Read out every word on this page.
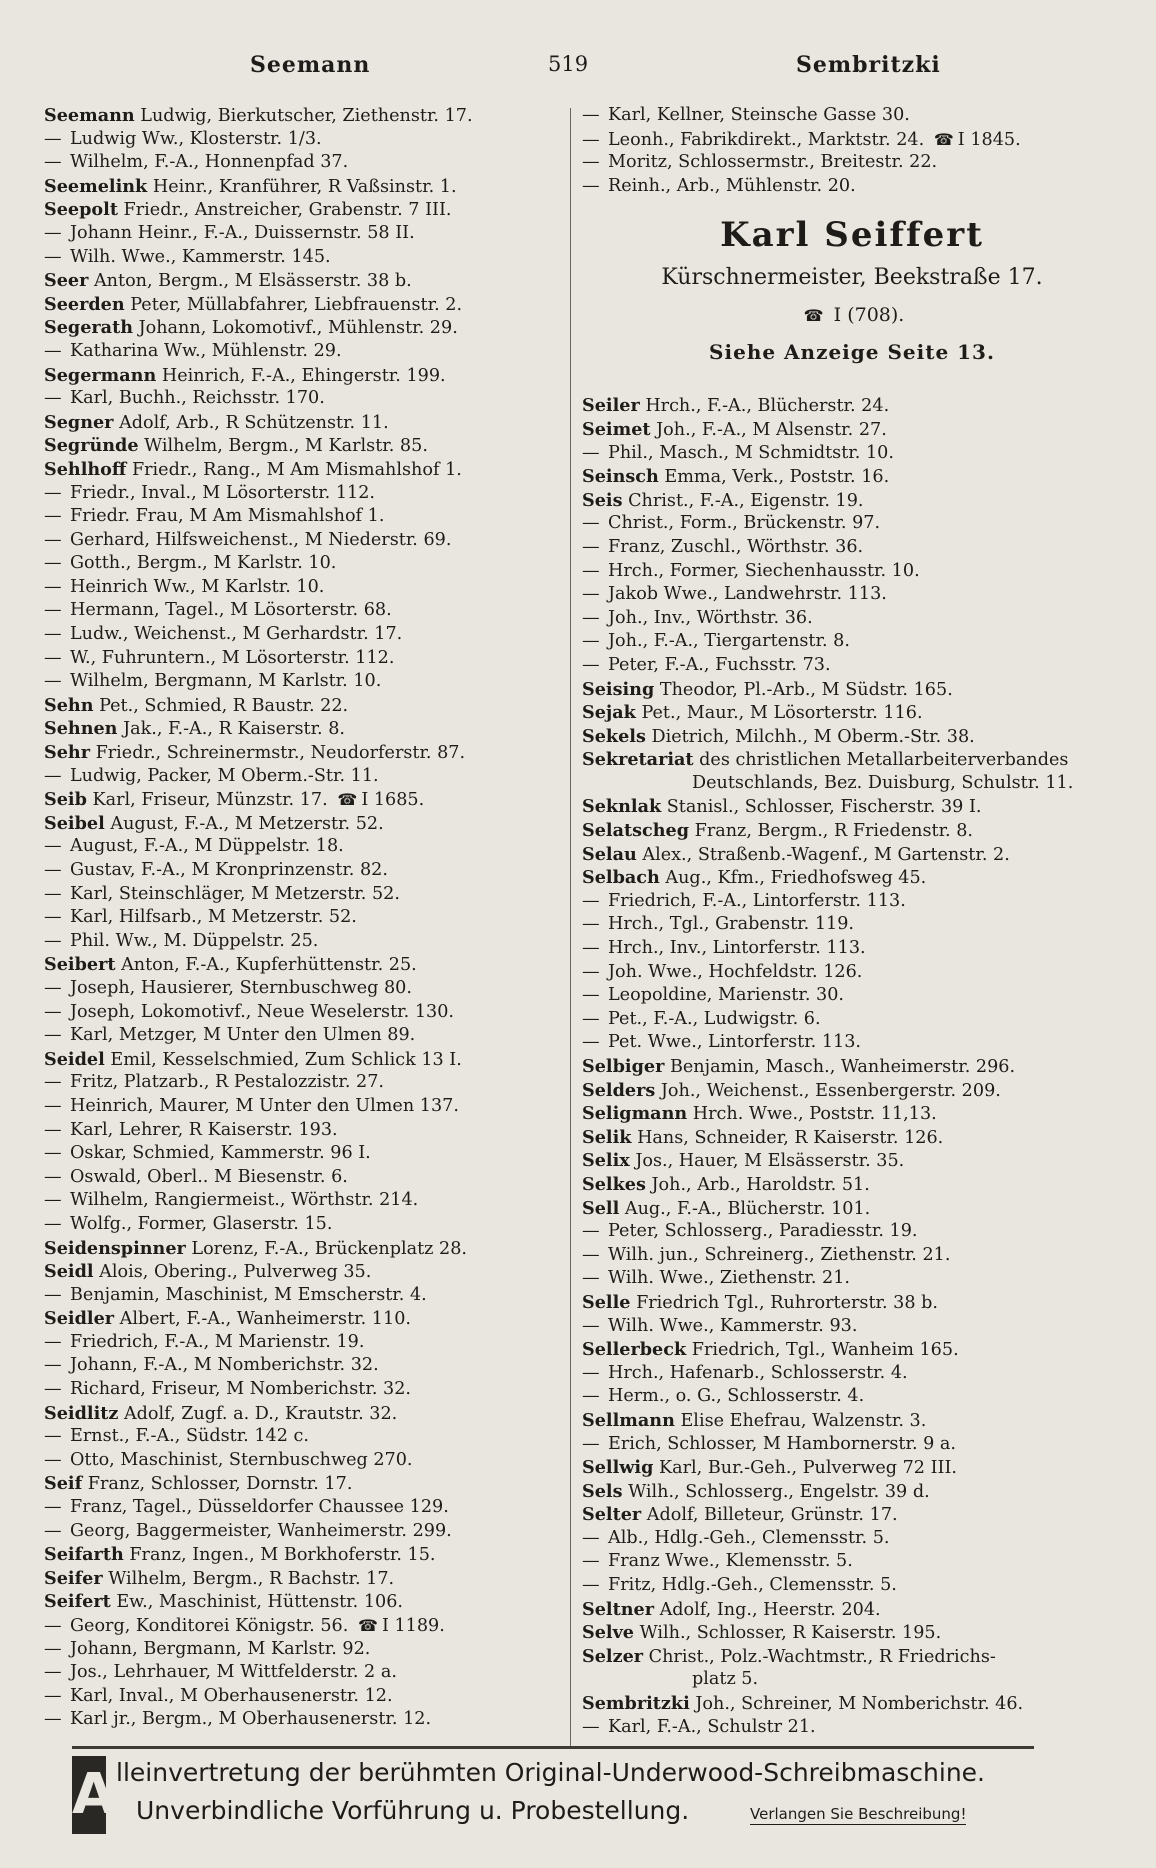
Seemann	519	Sembritzki
Seemann Ludwig, Bierkutscher, Ziethenstr. 17.
— Ludwig Ww., Klosterstr. 1/3.
— Wilhelm, F.-A., Honnenpfad 37.
Seemelink Heinr., Kranführer, R Vaßsinstr. 1.
Seepolt Friedr., Anstreicher, Grabenstr. 7 III.
— Johann Heinr., F.-A., Duissernstr. 58 II.
— Wilh. Wwe., Kammerstr. 145.
Seer Anton, Bergm., M Elsässerstr. 38 b.
Seerden Peter, Müllabfahrer, Liebfrauenstr. 2.
Segerath Johann, Lokomotivf., Mühlenstr. 29.
— Katharina Ww., Mühlenstr. 29.
Segermann Heinrich, F.-A., Ehingerstr. 199.
— Karl, Buchh., Reichsstr. 170.
Segner Adolf, Arb., R Schützenstr. 11.
Segründe Wilhelm, Bergm., M Karlstr. 85.
Sehlhoff Friedr., Rang., M Am Mismahlshof 1.
— Friedr., Inval., M Lösorterstr. 112.
— Friedr. Frau, M Am Mismahlshof 1.
— Gerhard, Hilfsweichenst., M Niederstr. 69.
— Gotth., Bergm., M Karlstr. 10.
— Heinrich Ww., M Karlstr. 10.
— Hermann, Tagel., M Lösorterstr. 68.
— Ludw., Weichenst., M Gerhardstr. 17.
— W., Fuhruntern., M Lösorterstr. 112.
— Wilhelm, Bergmann, M Karlstr. 10.
Sehn Pet., Schmied, R Baustr. 22.
Sehnen Jak., F.-A., R Kaiserstr. 8.
Sehr Friedr., Schreinermstr., Neudorferstr. 87.
— Ludwig, Packer, M Oberm.-Str. 11.
Seib Karl, Friseur, Münzstr. 17. ☎ I 1685.
Seibel August, F.-A., M Metzerstr. 52.
— August, F.-A., M Düppelstr. 18.
— Gustav, F.-A., M Kronprinzenstr. 82.
— Karl, Steinschläger, M Metzerstr. 52.
— Karl, Hilfsarb., M Metzerstr. 52.
— Phil. Ww., M. Düppelstr. 25.
Seibert Anton, F.-A., Kupferhüttenstr. 25.
— Joseph, Hausierer, Sternbuschweg 80.
— Joseph, Lokomotivf., Neue Weselerstr. 130.
— Karl, Metzger, M Unter den Ulmen 89.
Seidel Emil, Kesselschmied, Zum Schlick 13 I.
— Fritz, Platzarb., R Pestalozzistr. 27.
— Heinrich, Maurer, M Unter den Ulmen 137.
— Karl, Lehrer, R Kaiserstr. 193.
— Oskar, Schmied, Kammerstr. 96 I.
— Oswald, Oberl.. M Biesenstr. 6.
— Wilhelm, Rangiermeist., Wörthstr. 214.
— Wolfg., Former, Glaserstr. 15.
Seidenspinner Lorenz, F.-A., Brückenplatz 28.
Seidl Alois, Obering., Pulverweg 35.
— Benjamin, Maschinist, M Emscherstr. 4.
Seidler Albert, F.-A., Wanheimerstr. 110.
— Friedrich, F.-A., M Marienstr. 19.
— Johann, F.-A., M Nomberichstr. 32.
— Richard, Friseur, M Nomberichstr. 32.
Seidlitz Adolf, Zugf. a. D., Krautstr. 32.
— Ernst., F.-A., Südstr. 142 c.
— Otto, Maschinist, Sternbuschweg 270.
Seif Franz, Schlosser, Dornstr. 17.
— Franz, Tagel., Düsseldorfer Chaussee 129.
— Georg, Baggermeister, Wanheimerstr. 299.
Seifarth Franz, Ingen., M Borkhoferstr. 15.
Seifer Wilhelm, Bergm., R Bachstr. 17.
Seifert Ew., Maschinist, Hüttenstr. 106.
— Georg, Konditorei Königstr. 56. ☎ I 1189.
— Johann, Bergmann, M Karlstr. 92.
— Jos., Lehrhauer, M Wittfelderstr. 2 a.
— Karl, Inval., M Oberhausenerstr. 12.
— Karl jr., Bergm., M Oberhausenerstr. 12.
— Karl, Kellner, Steinsche Gasse 30.
— Leonh., Fabrikdirekt., Marktstr. 24. ☎ I 1845.
— Moritz, Schlossermstr., Breitestr. 22.
— Reinh., Arb., Mühlenstr. 20.
Karl Seiffert
Kürschnermeister, Beekstraße 17.
☎ I (708).
Siehe Anzeige Seite 13.
Seiler Hrch., F.-A., Blücherstr. 24.
Seimet Joh., F.-A., M Alsenstr. 27.
— Phil., Masch., M Schmidtstr. 10.
Seinsch Emma, Verk., Poststr. 16.
Seis Christ., F.-A., Eigenstr. 19.
— Christ., Form., Brückenstr. 97.
— Franz, Zuschl., Wörthstr. 36.
— Hrch., Former, Siechenhausstr. 10.
— Jakob Wwe., Landwehrstr. 113.
— Joh., Inv., Wörthstr. 36.
— Joh., F.-A., Tiergartenstr. 8.
— Peter, F.-A., Fuchsstr. 73.
Seising Theodor, Pl.-Arb., M Südstr. 165.
Sejak Pet., Maur., M Lösorterstr. 116.
Sekels Dietrich, Milchh., M Oberm.-Str. 38.
Sekretariat des christlichen Metallarbeiterverbandes
Deutschlands, Bez. Duisburg, Schulstr. 11.
Seknlak Stanisl., Schlosser, Fischerstr. 39 I.
Selatscheg Franz, Bergm., R Friedenstr. 8.
Selau Alex., Straßenb.-Wagenf., M Gartenstr. 2.
Selbach Aug., Kfm., Friedhofsweg 45.
— Friedrich, F.-A., Lintorferstr. 113.
— Hrch., Tgl., Grabenstr. 119.
— Hrch., Inv., Lintorferstr. 113.
— Joh. Wwe., Hochfeldstr. 126.
— Leopoldine, Marienstr. 30.
— Pet., F.-A., Ludwigstr. 6.
— Pet. Wwe., Lintorferstr. 113.
Selbiger Benjamin, Masch., Wanheimerstr. 296.
Selders Joh., Weichenst., Essenbergerstr. 209.
Seligmann Hrch. Wwe., Poststr. 11,13.
Selik Hans, Schneider, R Kaiserstr. 126.
Selix Jos., Hauer, M Elsässerstr. 35.
Selkes Joh., Arb., Haroldstr. 51.
Sell Aug., F.-A., Blücherstr. 101.
— Peter, Schlosserg., Paradiesstr. 19.
— Wilh. jun., Schreinerg., Ziethenstr. 21.
— Wilh. Wwe., Ziethenstr. 21.
Selle Friedrich Tgl., Ruhrorterstr. 38 b.
— Wilh. Wwe., Kammerstr. 93.
Sellerbeck Friedrich, Tgl., Wanheim 165.
— Hrch., Hafenarb., Schlosserstr. 4.
— Herm., o. G., Schlosserstr. 4.
Sellmann Elise Ehefrau, Walzenstr. 3.
— Erich, Schlosser, M Hambornerstr. 9 a.
Sellwig Karl, Bur.-Geh., Pulverweg 72 III.
Sels Wilh., Schlosserg., Engelstr. 39 d.
Selter Adolf, Billeteur, Grünstr. 17.
— Alb., Hdlg.-Geh., Clemensstr. 5.
— Franz Wwe., Klemensstr. 5.
— Fritz, Hdlg.-Geh., Clemensstr. 5.
Seltner Adolf, Ing., Heerstr. 204.
Selve Wilh., Schlosser, R Kaiserstr. 195.
Selzer Christ., Polz.-Wachtmstr., R Friedrichs-
platz 5.
Sembritzki Joh., Schreiner, M Nomberichstr. 46.
— Karl, F.-A., Schulstr 21.
A lleinvertretung der berühmten Original-Underwood-Schreibmaschine.
Unverbindliche Vorführung u. Probestellung.	Verlangen Sie Beschreibung!
